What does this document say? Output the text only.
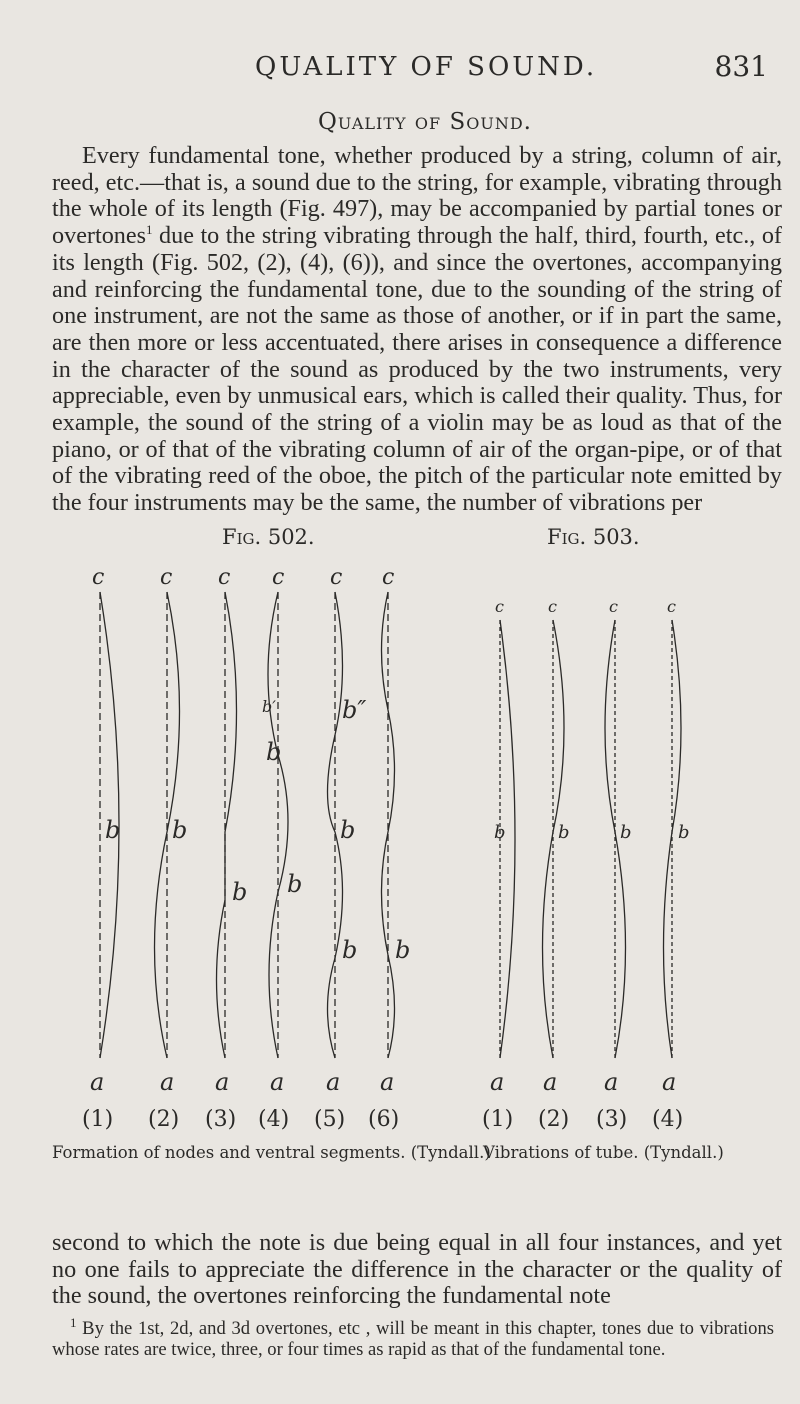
QUALITY OF SOUND.	831
Quality of Sound.

Every fundamental tone, whether produced by a string, column of air, reed, etc.—that is, a sound due to the string, for example, vibrating through the whole of its length (Fig. 497), may be accompanied by partial tones or overtones$^1$ due to the string vibrating through the half, third, fourth, etc., of its length (Fig. 502, (2), (4), (6)), and since the overtones, accompanying and reinforcing the fundamental tone, due to the sounding of the string of one instrument, are not the same as those of another, or if in part the same, are then more or less accentuated, there arises in consequence a difference in the character of the sound as produced by the two instruments, very appreciable, even by unmusical ears, which is called their quality. Thus, for example, the sound of the string of a violin may be as loud as that of the piano, or of that of the vibrating column of air of the organ-pipe, or of that of the vibrating reed of the oboe, the pitch of the particular note emitted by the four instruments may be the same, the number of vibrations per

Fig. 502.	Fig. 503.
c	c c c c c
b b
b b
b
b
b b
b″
b′
a a a a a a
(1) (2) (3) (4) (5) (6)
c	c	c	c
b	b	b	b
a a a a
(1) (2) (3) (4)
Formation of nodes and ventral segments. (Tyndall.)
Vibrations of tube. (Tyndall.)

second to which the note is due being equal in all four instances, and yet no one fails to appreciate the difference in the character or the quality of the sound, the overtones reinforcing the fundamental note

$^1$ By the 1st, 2d, and 3d overtones, etc , will be meant in this chapter, tones due to vibrations whose rates are twice, three, or four times as rapid as that of the fundamental tone.
